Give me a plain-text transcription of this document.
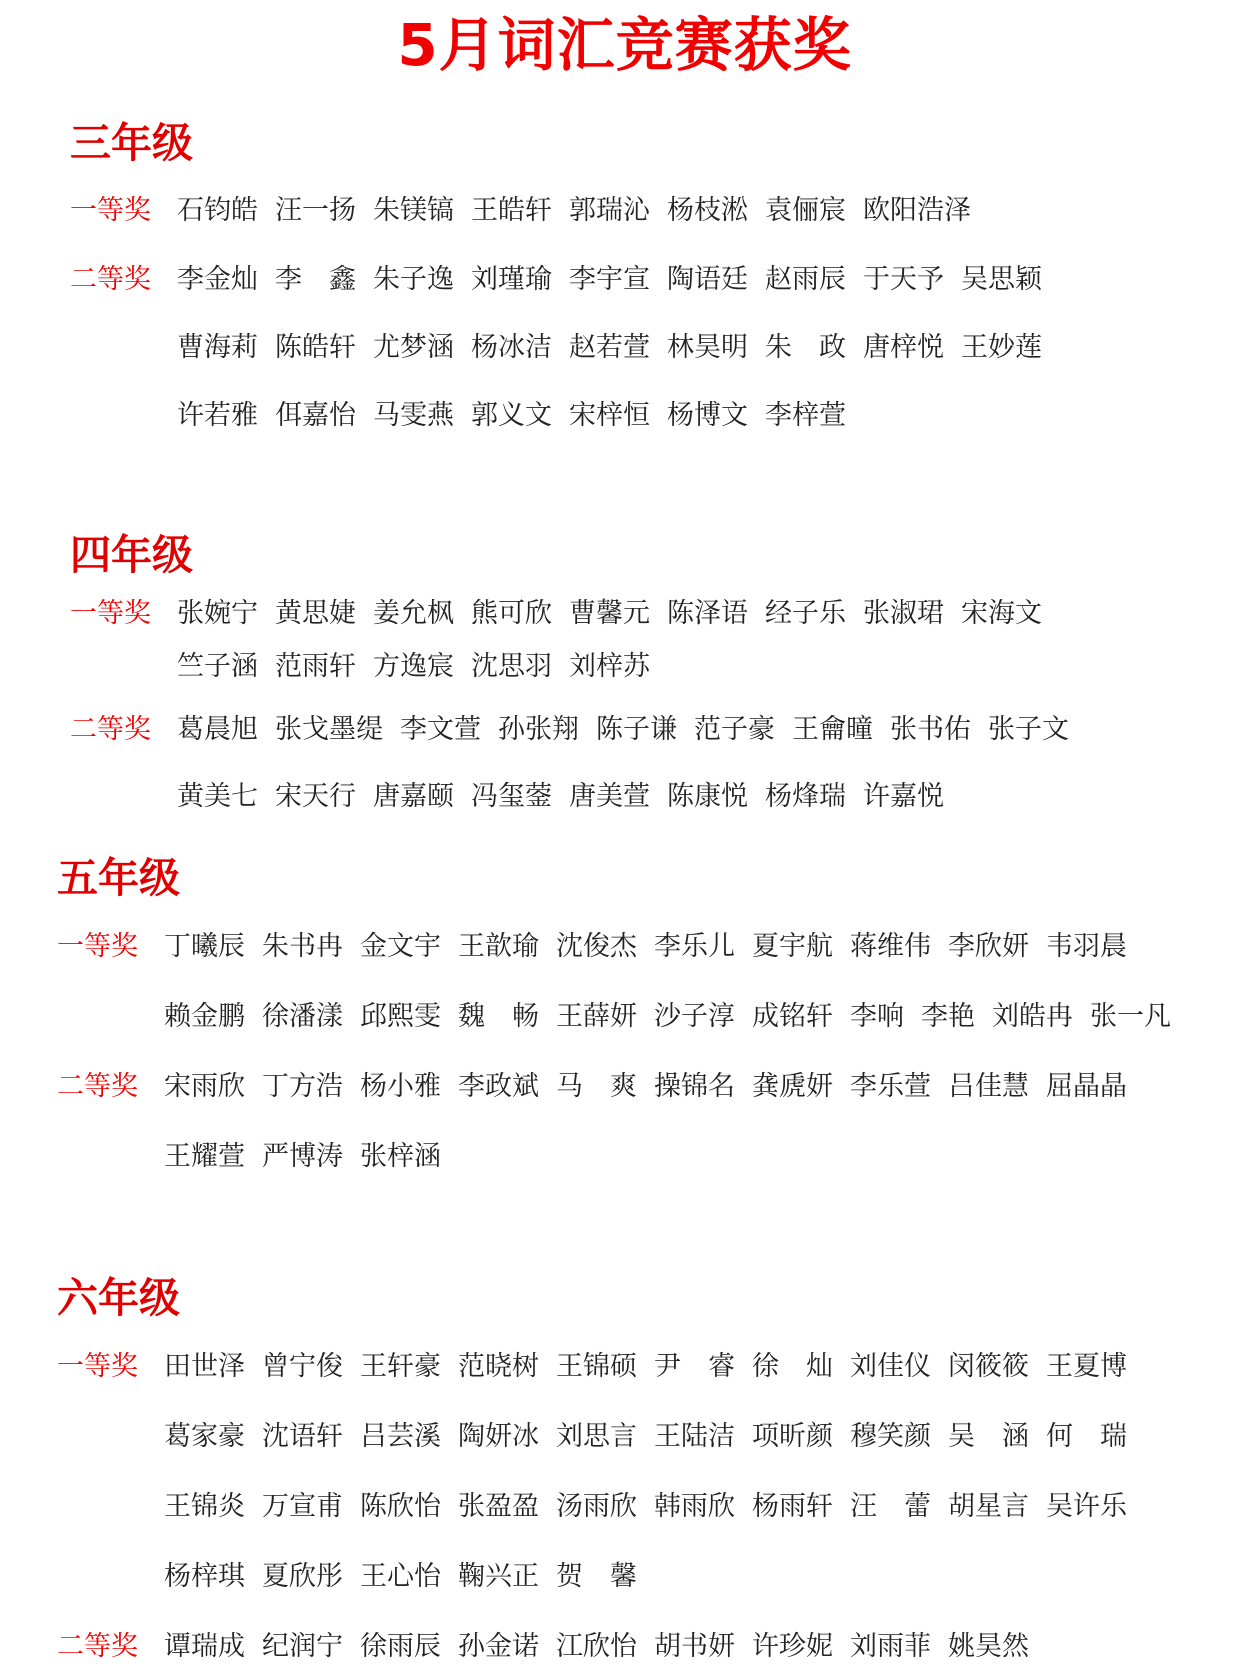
5月词汇竞赛获奖
三年级
一等奖 石钧皓 汪一扬 朱镁镐 王皓轩 郭瑞沁 杨枝淞 袁俪宸 欧阳浩泽
二等奖 李金灿 李　鑫 朱子逸 刘瑾瑜 李宇宣 陶语廷 赵雨辰 于天予 吴思颖
曹海莉 陈皓轩 尤梦涵 杨冰洁 赵若萱 林昊明 朱　政 唐梓悦 王妙莲
许若雅 佴嘉怡 马雯燕 郭义文 宋梓恒 杨博文 李梓萱
四年级
一等奖 张婉宁 黄思婕 姜允枫 熊可欣 曹馨元 陈泽语 经子乐 张淑珺 宋海文
竺子涵 范雨轩 方逸宸 沈思羽 刘梓苏
二等奖 葛晨旭 张戈墨缇 李文萱 孙张翔 陈子谦 范子豪 王龠曈 张书佑 张子文
黄美七 宋天行 唐嘉颐 冯玺蓥 唐美萱 陈康悦 杨烽瑞 许嘉悦
五年级
一等奖 丁曦辰 朱书冉 金文宇 王歆瑜 沈俊杰 李乐儿 夏宇航 蒋维伟 李欣妍 韦羽晨
赖金鹏 徐潘漾 邱熙雯 魏　畅 王薛妍 沙子淳 成铭轩 李响 李艳 刘皓冉 张一凡
二等奖 宋雨欣 丁方浩 杨小雅 李政斌 马　爽 操锦名 龚虒妍 李乐萱 吕佳慧 屈晶晶
王耀萱 严博涛 张梓涵
六年级
一等奖 田世泽 曾宁俊 王轩豪 范晓树 王锦硕 尹　睿 徐　灿 刘佳仪 闵筱筱 王夏博
葛家豪 沈语轩 吕芸溪 陶妍冰 刘思言 王陆洁 项昕颜 穆笑颜 吴　涵 何　瑞
王锦炎 万宣甫 陈欣怡 张盈盈 汤雨欣 韩雨欣 杨雨轩 汪　蕾 胡星言 吴许乐
杨梓琪 夏欣彤 王心怡 鞠兴正 贺　馨
二等奖 谭瑞成 纪润宁 徐雨辰 孙金诺 江欣怡 胡书妍 许珍妮 刘雨菲 姚昊然
